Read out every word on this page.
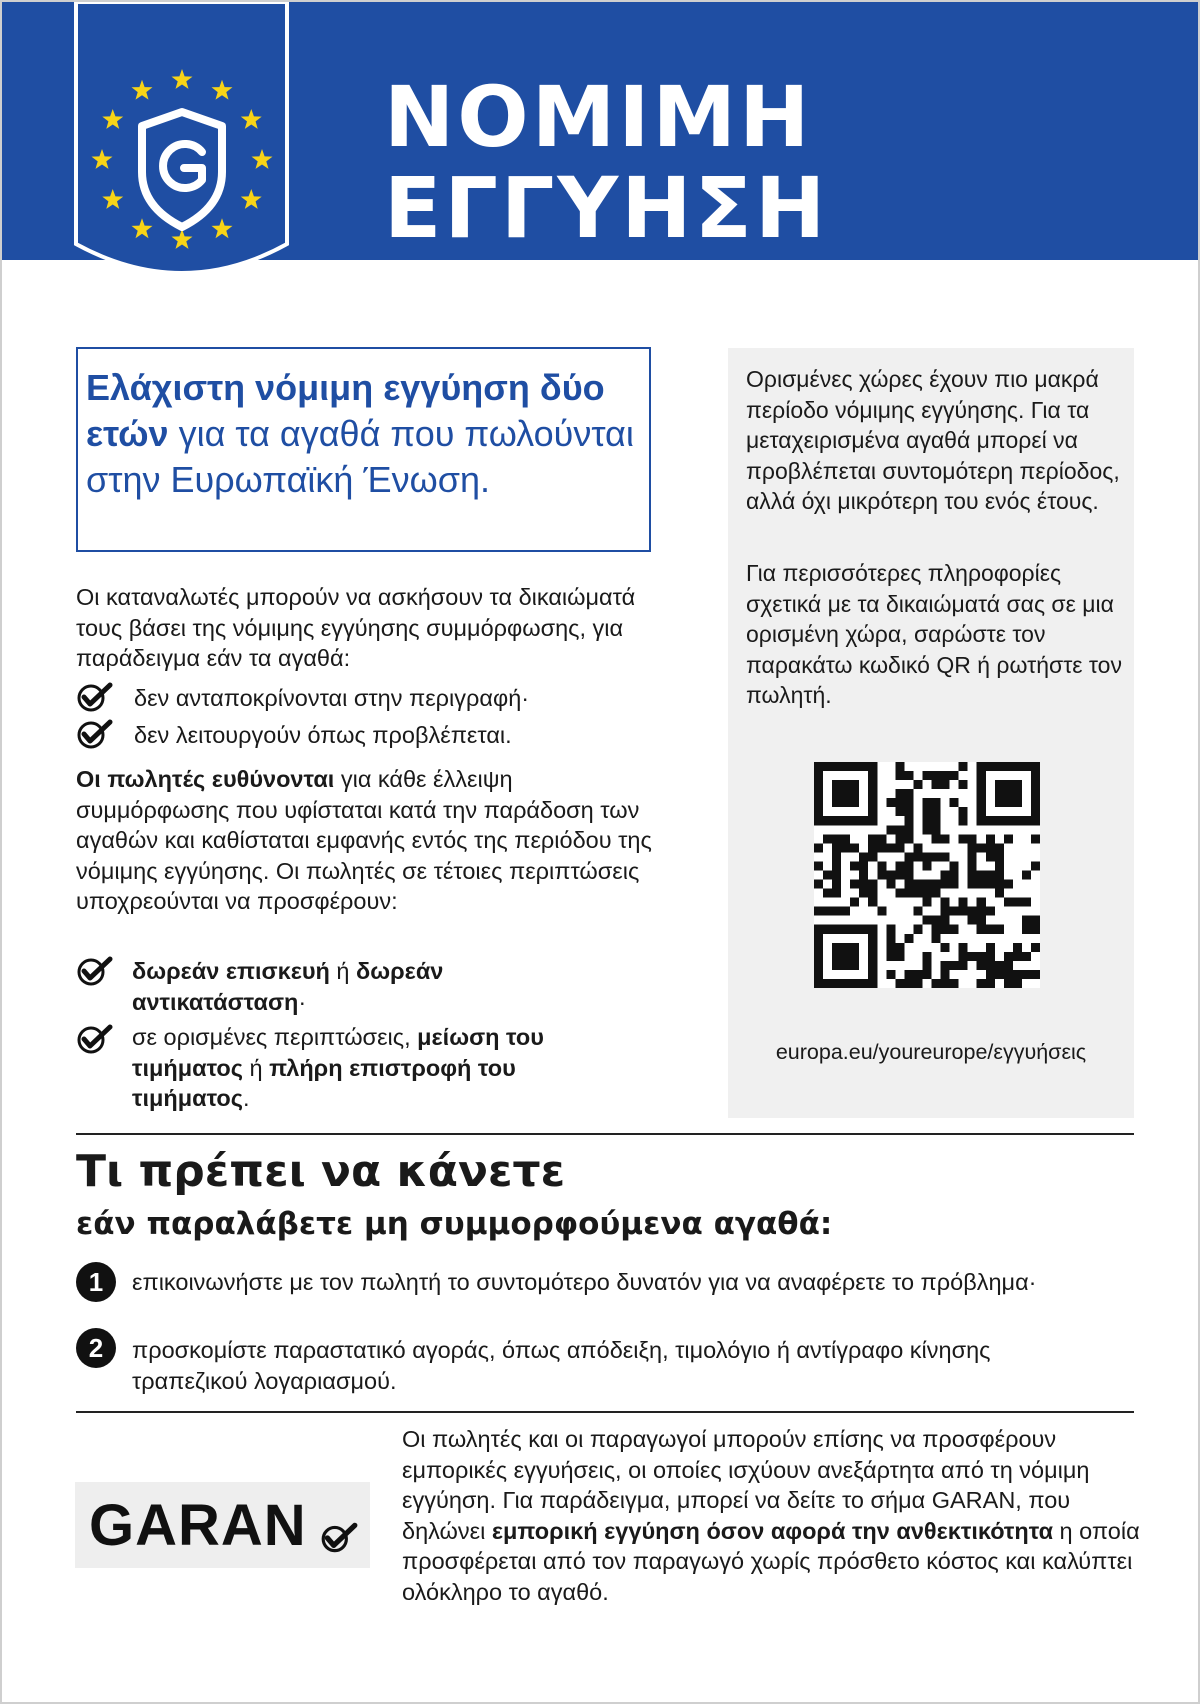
ΝΟΜΙΜΗ
ΕΓΓΥΗΣΗ
Ελάχιστη νόμιμη εγγύηση δύο ετών για τα αγαθά που πωλούνται στην Ευρωπαϊκή Ένωση.
Οι καταναλωτές μπορούν να ασκήσουν τα δικαιώματά τους βάσει της νόμιμης εγγύησης συμμόρφωσης, για παράδειγμα εάν τα αγαθά:
δεν ανταποκρίνονται στην περιγραφή·
δεν λειτουργούν όπως προβλέπεται.
Οι πωλητές ευθύνονται για κάθε έλλειψη συμμόρφωσης που υφίσταται κατά την παράδοση των αγαθών και καθίσταται εμφανής εντός της περιόδου της νόμιμης εγγύησης. Οι πωλητές σε τέτοιες περιπτώσεις υποχρεούνται να προσφέρουν:
δωρεάν επισκευή ή δωρεάν αντικατάσταση·
σε ορισμένες περιπτώσεις, μείωση του τιμήματος ή πλήρη επιστροφή του τιμήματος.
Ορισμένες χώρες έχουν πιο μακρά περίοδο νόμιμης εγγύησης. Για τα μεταχειρισμένα αγαθά μπορεί να προβλέπεται συντομότερη περίοδος, αλλά όχι μικρότερη του ενός έτους.
Για περισσότερες πληροφορίες σχετικά με τα δικαιώματά σας σε μια ορισμένη χώρα, σαρώστε τον παρακάτω κωδικό QR ή ρωτήστε τον πωλητή.
europa.eu/youreurope/εγγυήσεις
Τι πρέπει να κάνετε
εάν παραλάβετε μη συμμορφούμενα αγαθά:
1	επικοινωνήστε με τον πωλητή το συντομότερο δυνατόν για να αναφέρετε το πρόβλημα·
2	προσκομίστε παραστατικό αγοράς, όπως απόδειξη, τιμολόγιο ή αντίγραφο κίνησης τραπεζικού λογαριασμού.
GARAN
Οι πωλητές και οι παραγωγοί μπορούν επίσης να προσφέρουν εμπορικές εγγυήσεις, οι οποίες ισχύουν ανεξάρτητα από τη νόμιμη εγγύηση. Για παράδειγμα, μπορεί να δείτε το σήμα GARAN, που δηλώνει εμπορική εγγύηση όσον αφορά την ανθεκτικότητα η οποία προσφέρεται από τον παραγωγό χωρίς πρόσθετο κόστος και καλύπτει ολόκληρο το αγαθό.
